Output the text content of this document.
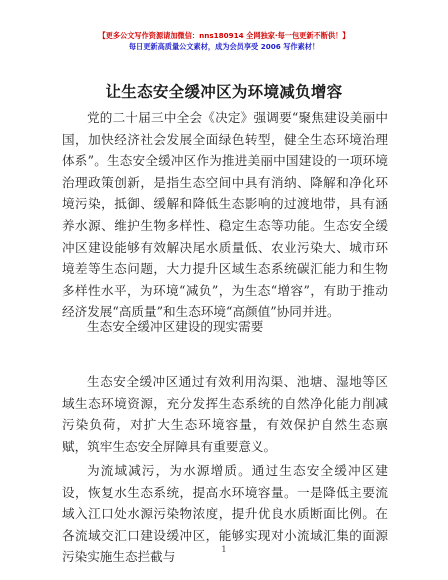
【更多公文写作资源请加微信：nns180914 全网独家·每一包更新不断供！】
每日更新高质量公文素材，成为会员享受 2006 写作素材！
让生态安全缓冲区为环境减负增容
党的二十届三中全会《决定》强调要“聚焦建设美丽中国，加快经济社会发展全面绿色转型，健全生态环境治理体系”。生态安全缓冲区作为推进美丽中国建设的一项环境治理政策创新，是指生态空间中具有消纳、降解和净化环境污染，抵御、缓解和降低生态影响的过渡地带，具有涵养水源、维护生物多样性、稳定生态等功能。生态安全缓冲区建设能够有效解决尾水质量低、农业污染大、城市环境差等生态问题，大力提升区域生态系统碳汇能力和生物多样性水平，为环境“减负”，为生态“增容”，有助于推动经济发展“高质量”和生态环境“高颜值”协同并进。
生态安全缓冲区建设的现实需要
生态安全缓冲区通过有效利用沟渠、池塘、湿地等区域生态环境资源，充分发挥生态系统的自然净化能力削减污染负荷，对扩大生态环境容量，有效保护自然生态禀赋，筑牢生态安全屏障具有重要意义。
为流域减污，为水源增质。通过生态安全缓冲区建设，恢复水生态系统，提高水环境容量。一是降低主要流域入江口处水源污染物浓度，提升优良水质断面比例。在各流域交汇口建设缓冲区，能够实现对小流域汇集的面源污染实施生态拦截与	1
